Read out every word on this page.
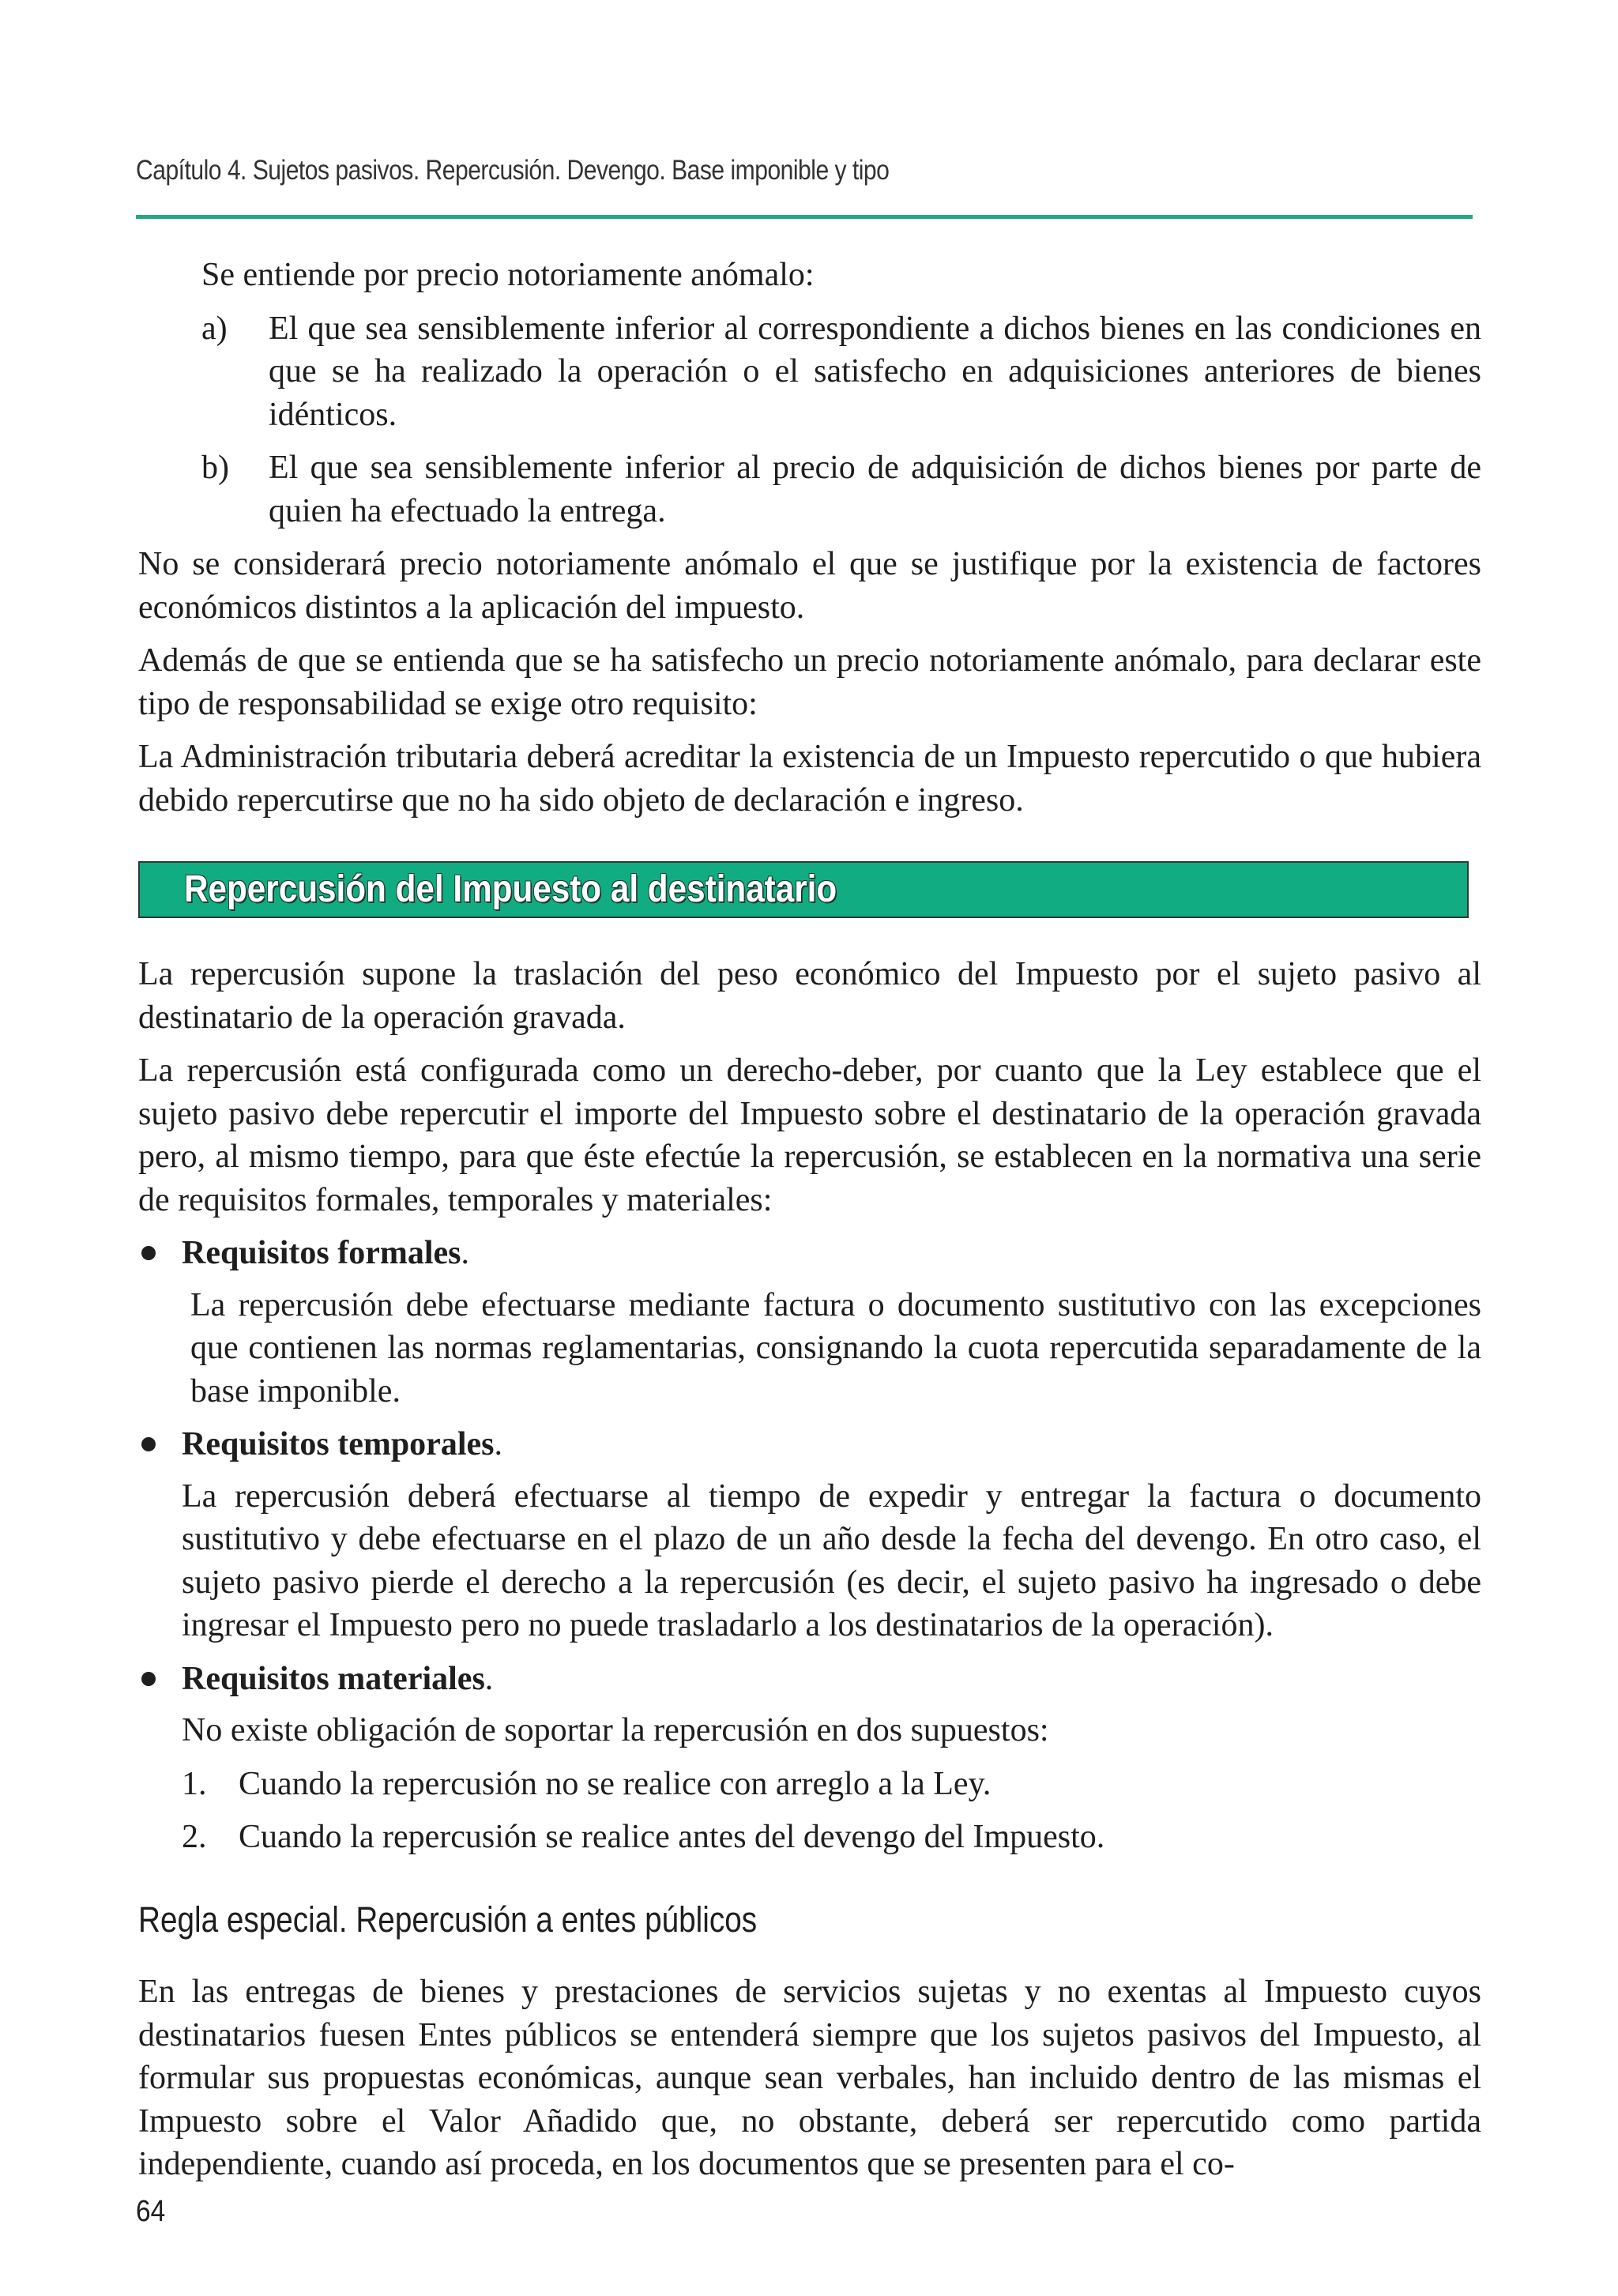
Capítulo 4. Sujetos pasivos. Repercusión. Devengo. Base imponible y tipo

Se entiende por precio notoriamente anómalo:

a) El que sea sensiblemente inferior al correspondiente a dichos bienes en las condiciones en que se ha realizado la operación o el satisfecho en adquisiciones anteriores de bienes idénticos.

b) El que sea sensiblemente inferior al precio de adquisición de dichos bienes por parte de quien ha efectuado la entrega.

No se considerará precio notoriamente anómalo el que se justifique por la existencia de factores económicos distintos a la aplicación del impuesto.

Además de que se entienda que se ha satisfecho un precio notoriamente anómalo, para declarar este tipo de responsabilidad se exige otro requisito:

La Administración tributaria deberá acreditar la existencia de un Impuesto repercutido o que hubiera debido repercutirse que no ha sido objeto de declaración e ingreso.

Repercusión del Impuesto al destinatario

La repercusión supone la traslación del peso económico del Impuesto por el sujeto pasivo al destinatario de la operación gravada.

La repercusión está configurada como un derecho-deber, por cuanto que la Ley establece que el sujeto pasivo debe repercutir el importe del Impuesto sobre el destinatario de la operación gravada pero, al mismo tiempo, para que éste efectúe la repercusión, se establecen en la normativa una serie de requisitos formales, temporales y materiales:

Requisitos formales.

La repercusión debe efectuarse mediante factura o documento sustitutivo con las excepciones que contienen las normas reglamentarias, consignando la cuota repercutida separadamente de la base imponible.

Requisitos temporales.

La repercusión deberá efectuarse al tiempo de expedir y entregar la factura o documento sustitutivo y debe efectuarse en el plazo de un año desde la fecha del devengo. En otro caso, el sujeto pasivo pierde el derecho a la repercusión (es decir, el sujeto pasivo ha ingresado o debe ingresar el Impuesto pero no puede trasladarlo a los destinatarios de la operación).

Requisitos materiales.

No existe obligación de soportar la repercusión en dos supuestos:

1. Cuando la repercusión no se realice con arreglo a la Ley.

2. Cuando la repercusión se realice antes del devengo del Impuesto.

Regla especial. Repercusión a entes públicos

En las entregas de bienes y prestaciones de servicios sujetas y no exentas al Impuesto cuyos destinatarios fuesen Entes públicos se entenderá siempre que los sujetos pasivos del Impuesto, al formular sus propuestas económicas, aunque sean verbales, han incluido dentro de las mismas el Impuesto sobre el Valor Añadido que, no obstante, deberá ser repercutido como partida independiente, cuando así proceda, en los documentos que se presenten para el co-

64
